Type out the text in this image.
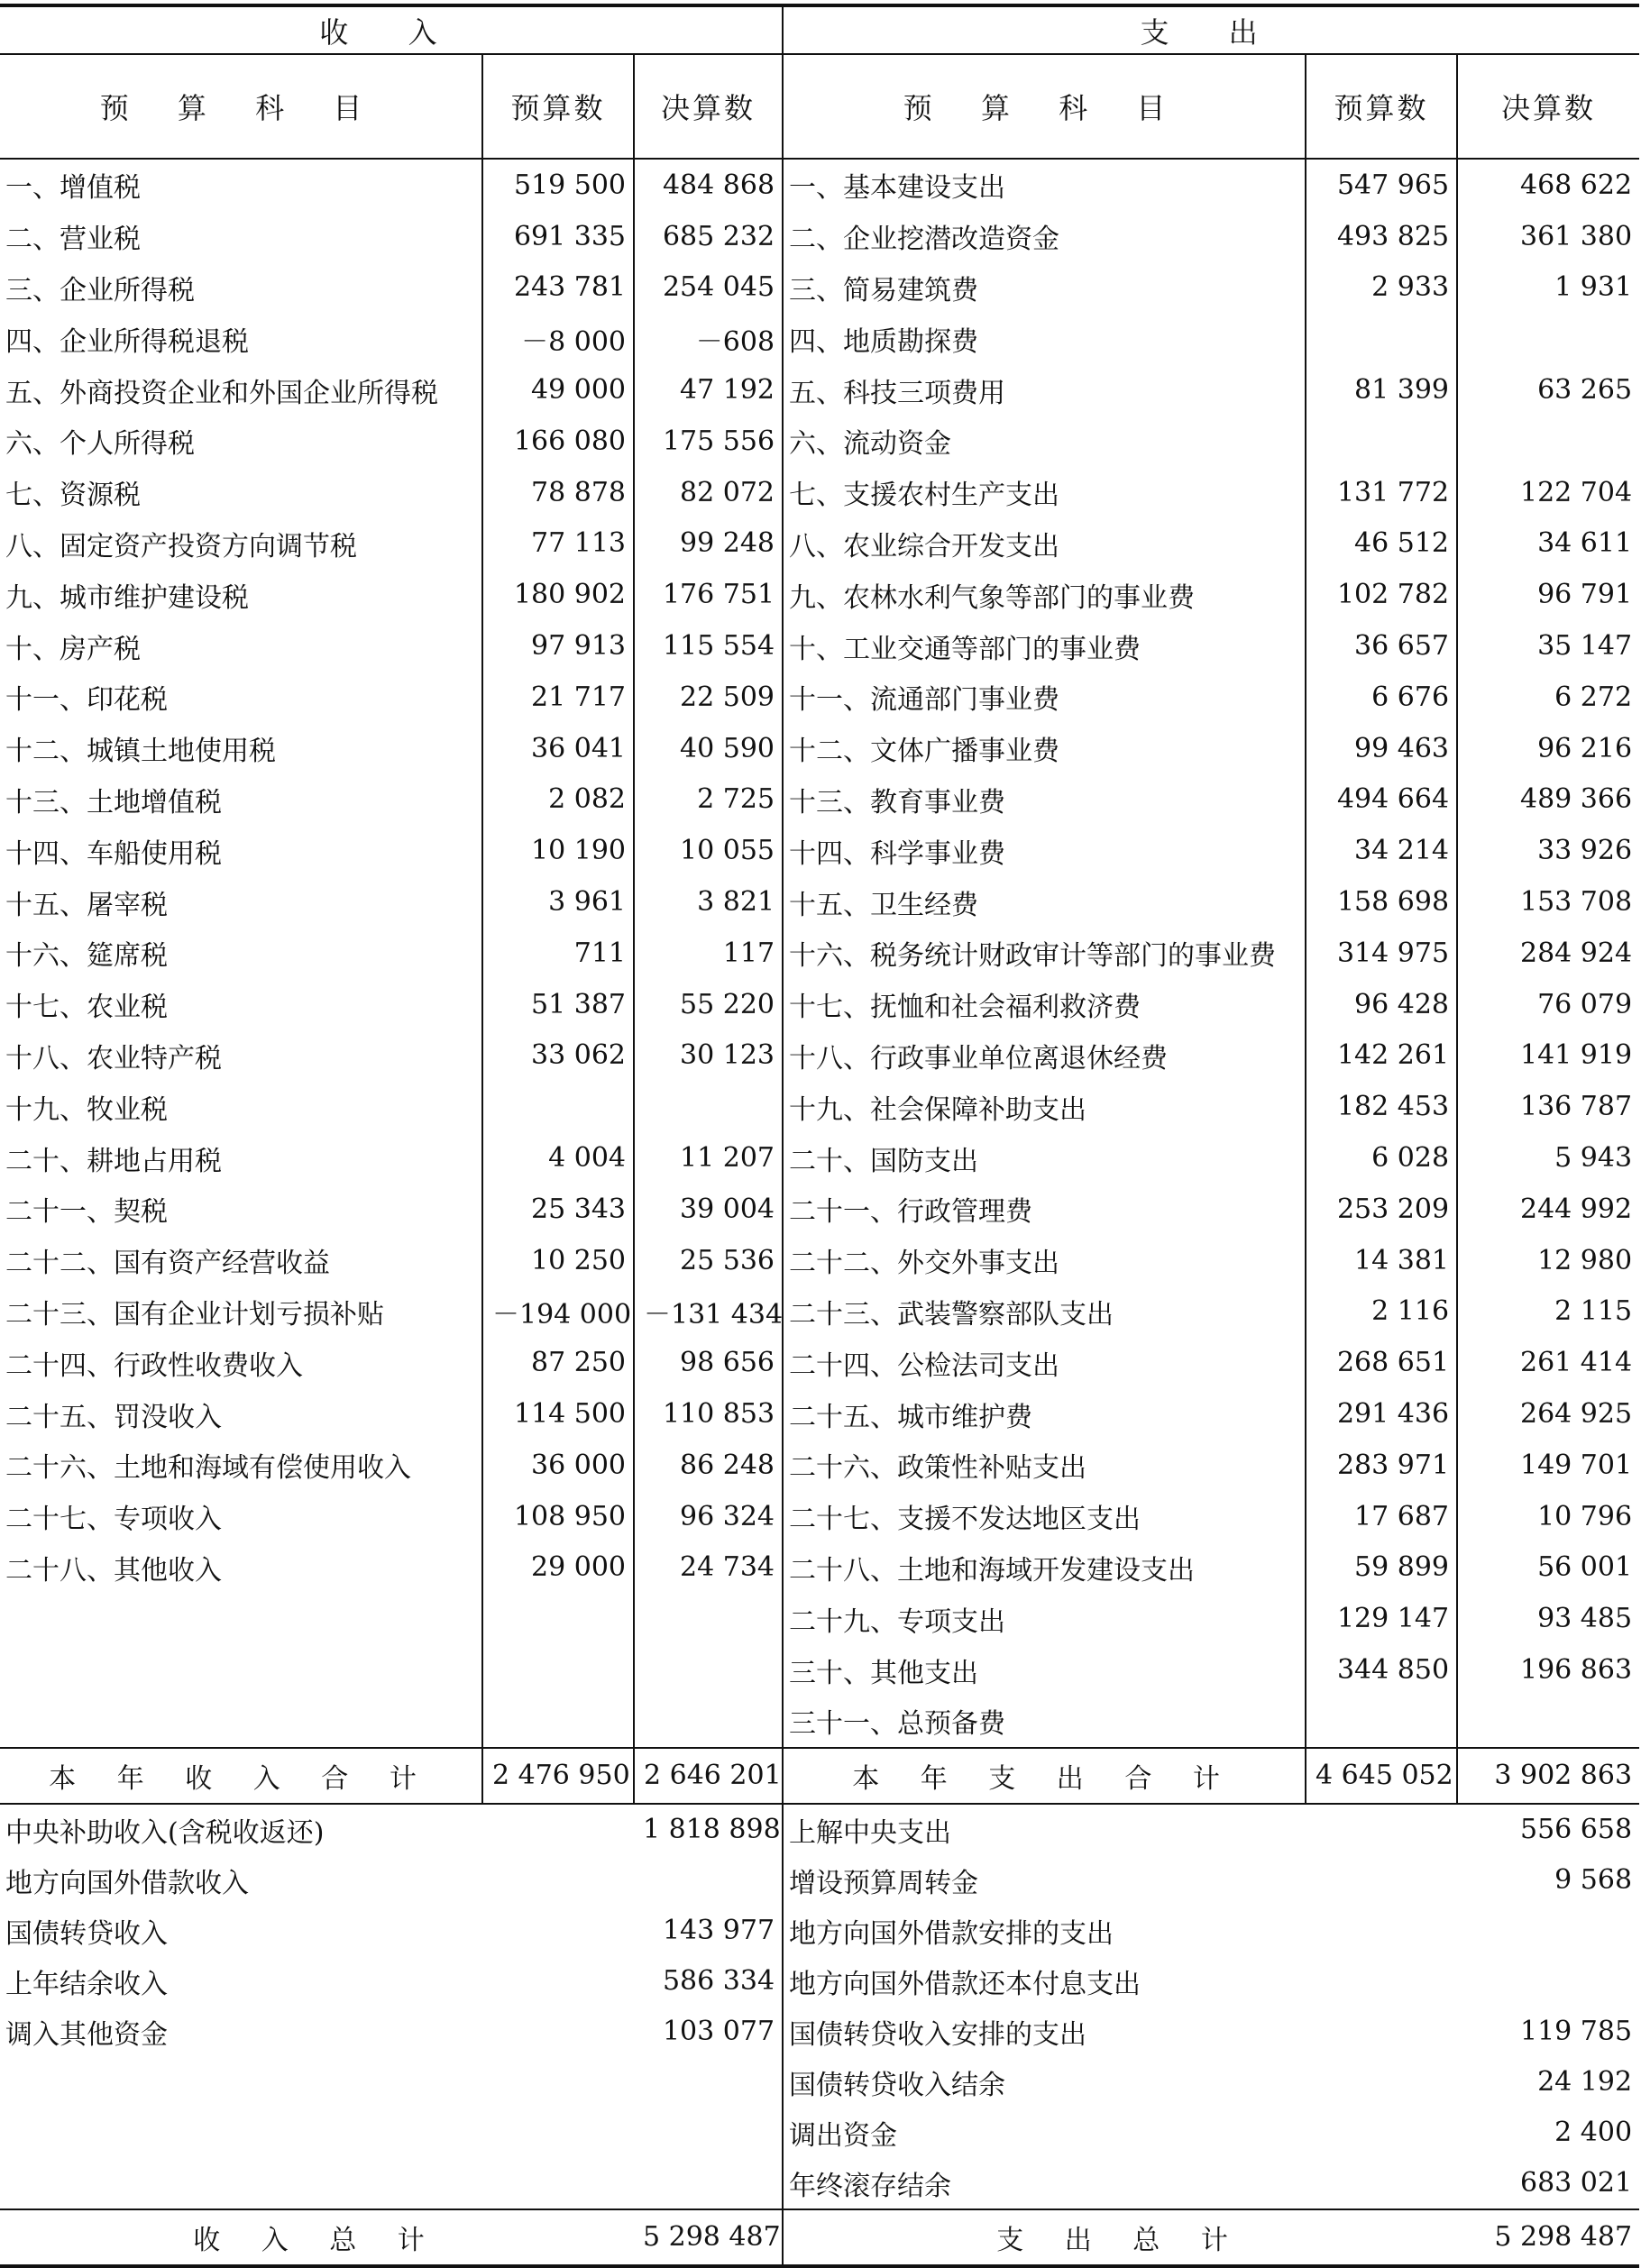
收 入			支 出		
预 算 科 目	预算数	决算数	预 算 科 目	预算数	决算数
一、增值税	519 500	484 868	一、基本建设支出	547 965	468 622
二、营业税	691 335	685 232	二、企业挖潜改造资金	493 825	361 380
三、企业所得税	243 781	254 045	三、简易建筑费	2 933	1 931
四、企业所得税退税	－8 000	－608	四、地质勘探费		
五、外商投资企业和外国企业所得税	49 000	47 192	五、科技三项费用	81 399	63 265
六、个人所得税	166 080	175 556	六、流动资金		
七、资源税	78 878	82 072	七、支援农村生产支出	131 772	122 704
八、固定资产投资方向调节税	77 113	99 248	八、农业综合开发支出	46 512	34 611
九、城市维护建设税	180 902	176 751	九、农林水利气象等部门的事业费	102 782	96 791
十、房产税	97 913	115 554	十、工业交通等部门的事业费	36 657	35 147
十一、印花税	21 717	22 509	十一、流通部门事业费	6 676	6 272
十二、城镇土地使用税	36 041	40 590	十二、文体广播事业费	99 463	96 216
十三、土地增值税	2 082	2 725	十三、教育事业费	494 664	489 366
十四、车船使用税	10 190	10 055	十四、科学事业费	34 214	33 926
十五、屠宰税	3 961	3 821	十五、卫生经费	158 698	153 708
十六、筵席税	711	117	十六、税务统计财政审计等部门的事业费	314 975	284 924
十七、农业税	51 387	55 220	十七、抚恤和社会福利救济费	96 428	76 079
十八、农业特产税	33 062	30 123	十八、行政事业单位离退休经费	142 261	141 919
十九、牧业税			十九、社会保障补助支出	182 453	136 787
二十、耕地占用税	4 004	11 207	二十、国防支出	6 028	5 943
二十一、契税	25 343	39 004	二十一、行政管理费	253 209	244 992
二十二、国有资产经营收益	10 250	25 536	二十二、外交外事支出	14 381	12 980
二十三、国有企业计划亏损补贴	－194 000	－131 434	二十三、武装警察部队支出	2 116	2 115
二十四、行政性收费收入	87 250	98 656	二十四、公检法司支出	268 651	261 414
二十五、罚没收入	114 500	110 853	二十五、城市维护费	291 436	264 925
二十六、土地和海域有偿使用收入	36 000	86 248	二十六、政策性补贴支出	283 971	149 701
二十七、专项收入	108 950	96 324	二十七、支援不发达地区支出	17 687	10 796
二十八、其他收入	29 000	24 734	二十八、土地和海域开发建设支出	59 899	56 001
			二十九、专项支出	129 147	93 485
			三十、其他支出	344 850	196 863
			三十一、总预备费		
本 年 收 入 合 计	2 476 950	2 646 201	本 年 支 出 合 计	4 645 052	3 902 863
中央补助收入(含税收返还)		1 818 898	上解中央支出		556 658
地方向国外借款收入			增设预算周转金		9 568
国债转贷收入		143 977	地方向国外借款安排的支出		
上年结余收入		586 334	地方向国外借款还本付息支出		
调入其他资金		103 077	国债转贷收入安排的支出		119 785
			国债转贷收入结余		24 192
			调出资金		2 400
			年终滚存结余		683 021
收 入 总 计		5 298 487	支 出 总 计		5 298 487
